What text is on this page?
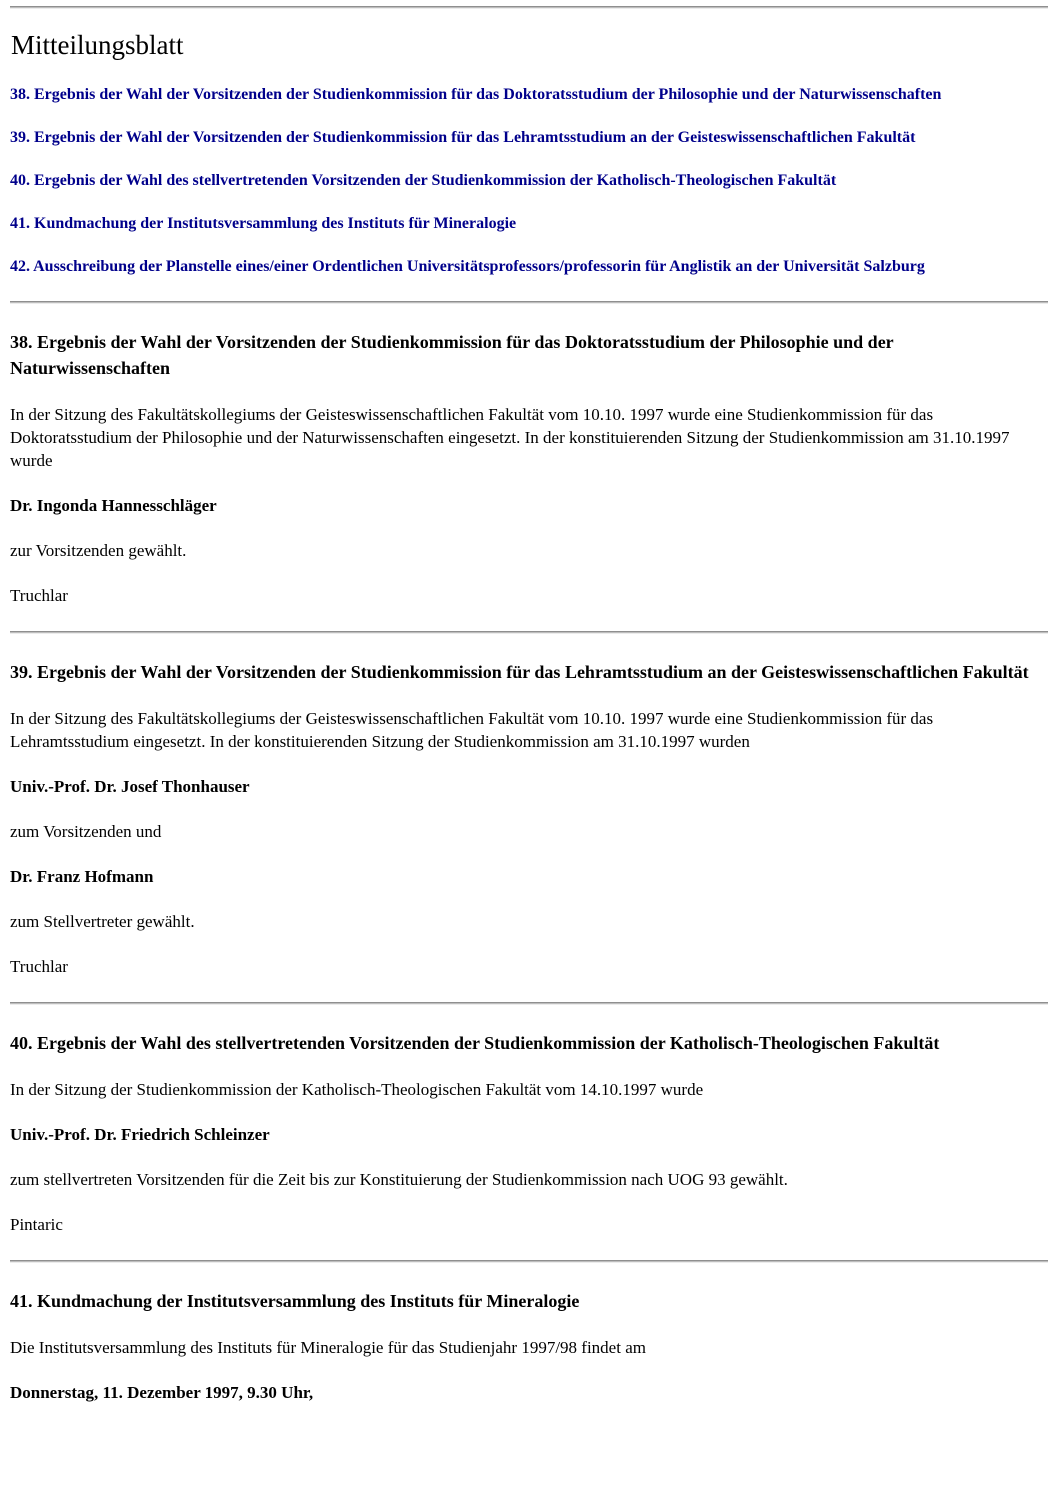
Mitteilungsblatt

38. Ergebnis der Wahl der Vorsitzenden der Studienkommission für das Doktoratsstudium der Philosophie und der Naturwissenschaften

39. Ergebnis der Wahl der Vorsitzenden der Studienkommission für das Lehramtsstudium an der Geisteswissenschaftlichen Fakultät

40. Ergebnis der Wahl des stellvertretenden Vorsitzenden der Studienkommission der Katholisch-Theologischen Fakultät

41. Kundmachung der Institutsversammlung des Instituts für Mineralogie

42. Ausschreibung der Planstelle eines/einer Ordentlichen Universitätsprofessors/professorin für Anglistik an der Universität Salzburg

38. Ergebnis der Wahl der Vorsitzenden der Studienkommission für das Doktoratsstudium der Philosophie und der Naturwissenschaften

In der Sitzung des Fakultätskollegiums der Geisteswissenschaftlichen Fakultät vom 10.10. 1997 wurde eine Studienkommission für das Doktoratsstudium der Philosophie und der Naturwissenschaften eingesetzt. In der konstituierenden Sitzung der Studienkommission am 31.10.1997 wurde

Dr. Ingonda Hannesschläger

zur Vorsitzenden gewählt.

Truchlar

39. Ergebnis der Wahl der Vorsitzenden der Studienkommission für das Lehramtsstudium an der Geisteswissenschaftlichen Fakultät

In der Sitzung des Fakultätskollegiums der Geisteswissenschaftlichen Fakultät vom 10.10. 1997 wurde eine Studienkommission für das Lehramtsstudium eingesetzt. In der konstituierenden Sitzung der Studienkommission am 31.10.1997 wurden

Univ.-Prof. Dr. Josef Thonhauser

zum Vorsitzenden und

Dr. Franz Hofmann

zum Stellvertreter gewählt.

Truchlar

40. Ergebnis der Wahl des stellvertretenden Vorsitzenden der Studienkommission der Katholisch-Theologischen Fakultät

In der Sitzung der Studienkommission der Katholisch-Theologischen Fakultät vom 14.10.1997 wurde

Univ.-Prof. Dr. Friedrich Schleinzer

zum stellvertreten Vorsitzenden für die Zeit bis zur Konstituierung der Studienkommission nach UOG 93 gewählt.

Pintaric

41. Kundmachung der Institutsversammlung des Instituts für Mineralogie

Die Institutsversammlung des Instituts für Mineralogie für das Studienjahr 1997/98 findet am

Donnerstag, 11. Dezember 1997, 9.30 Uhr,
